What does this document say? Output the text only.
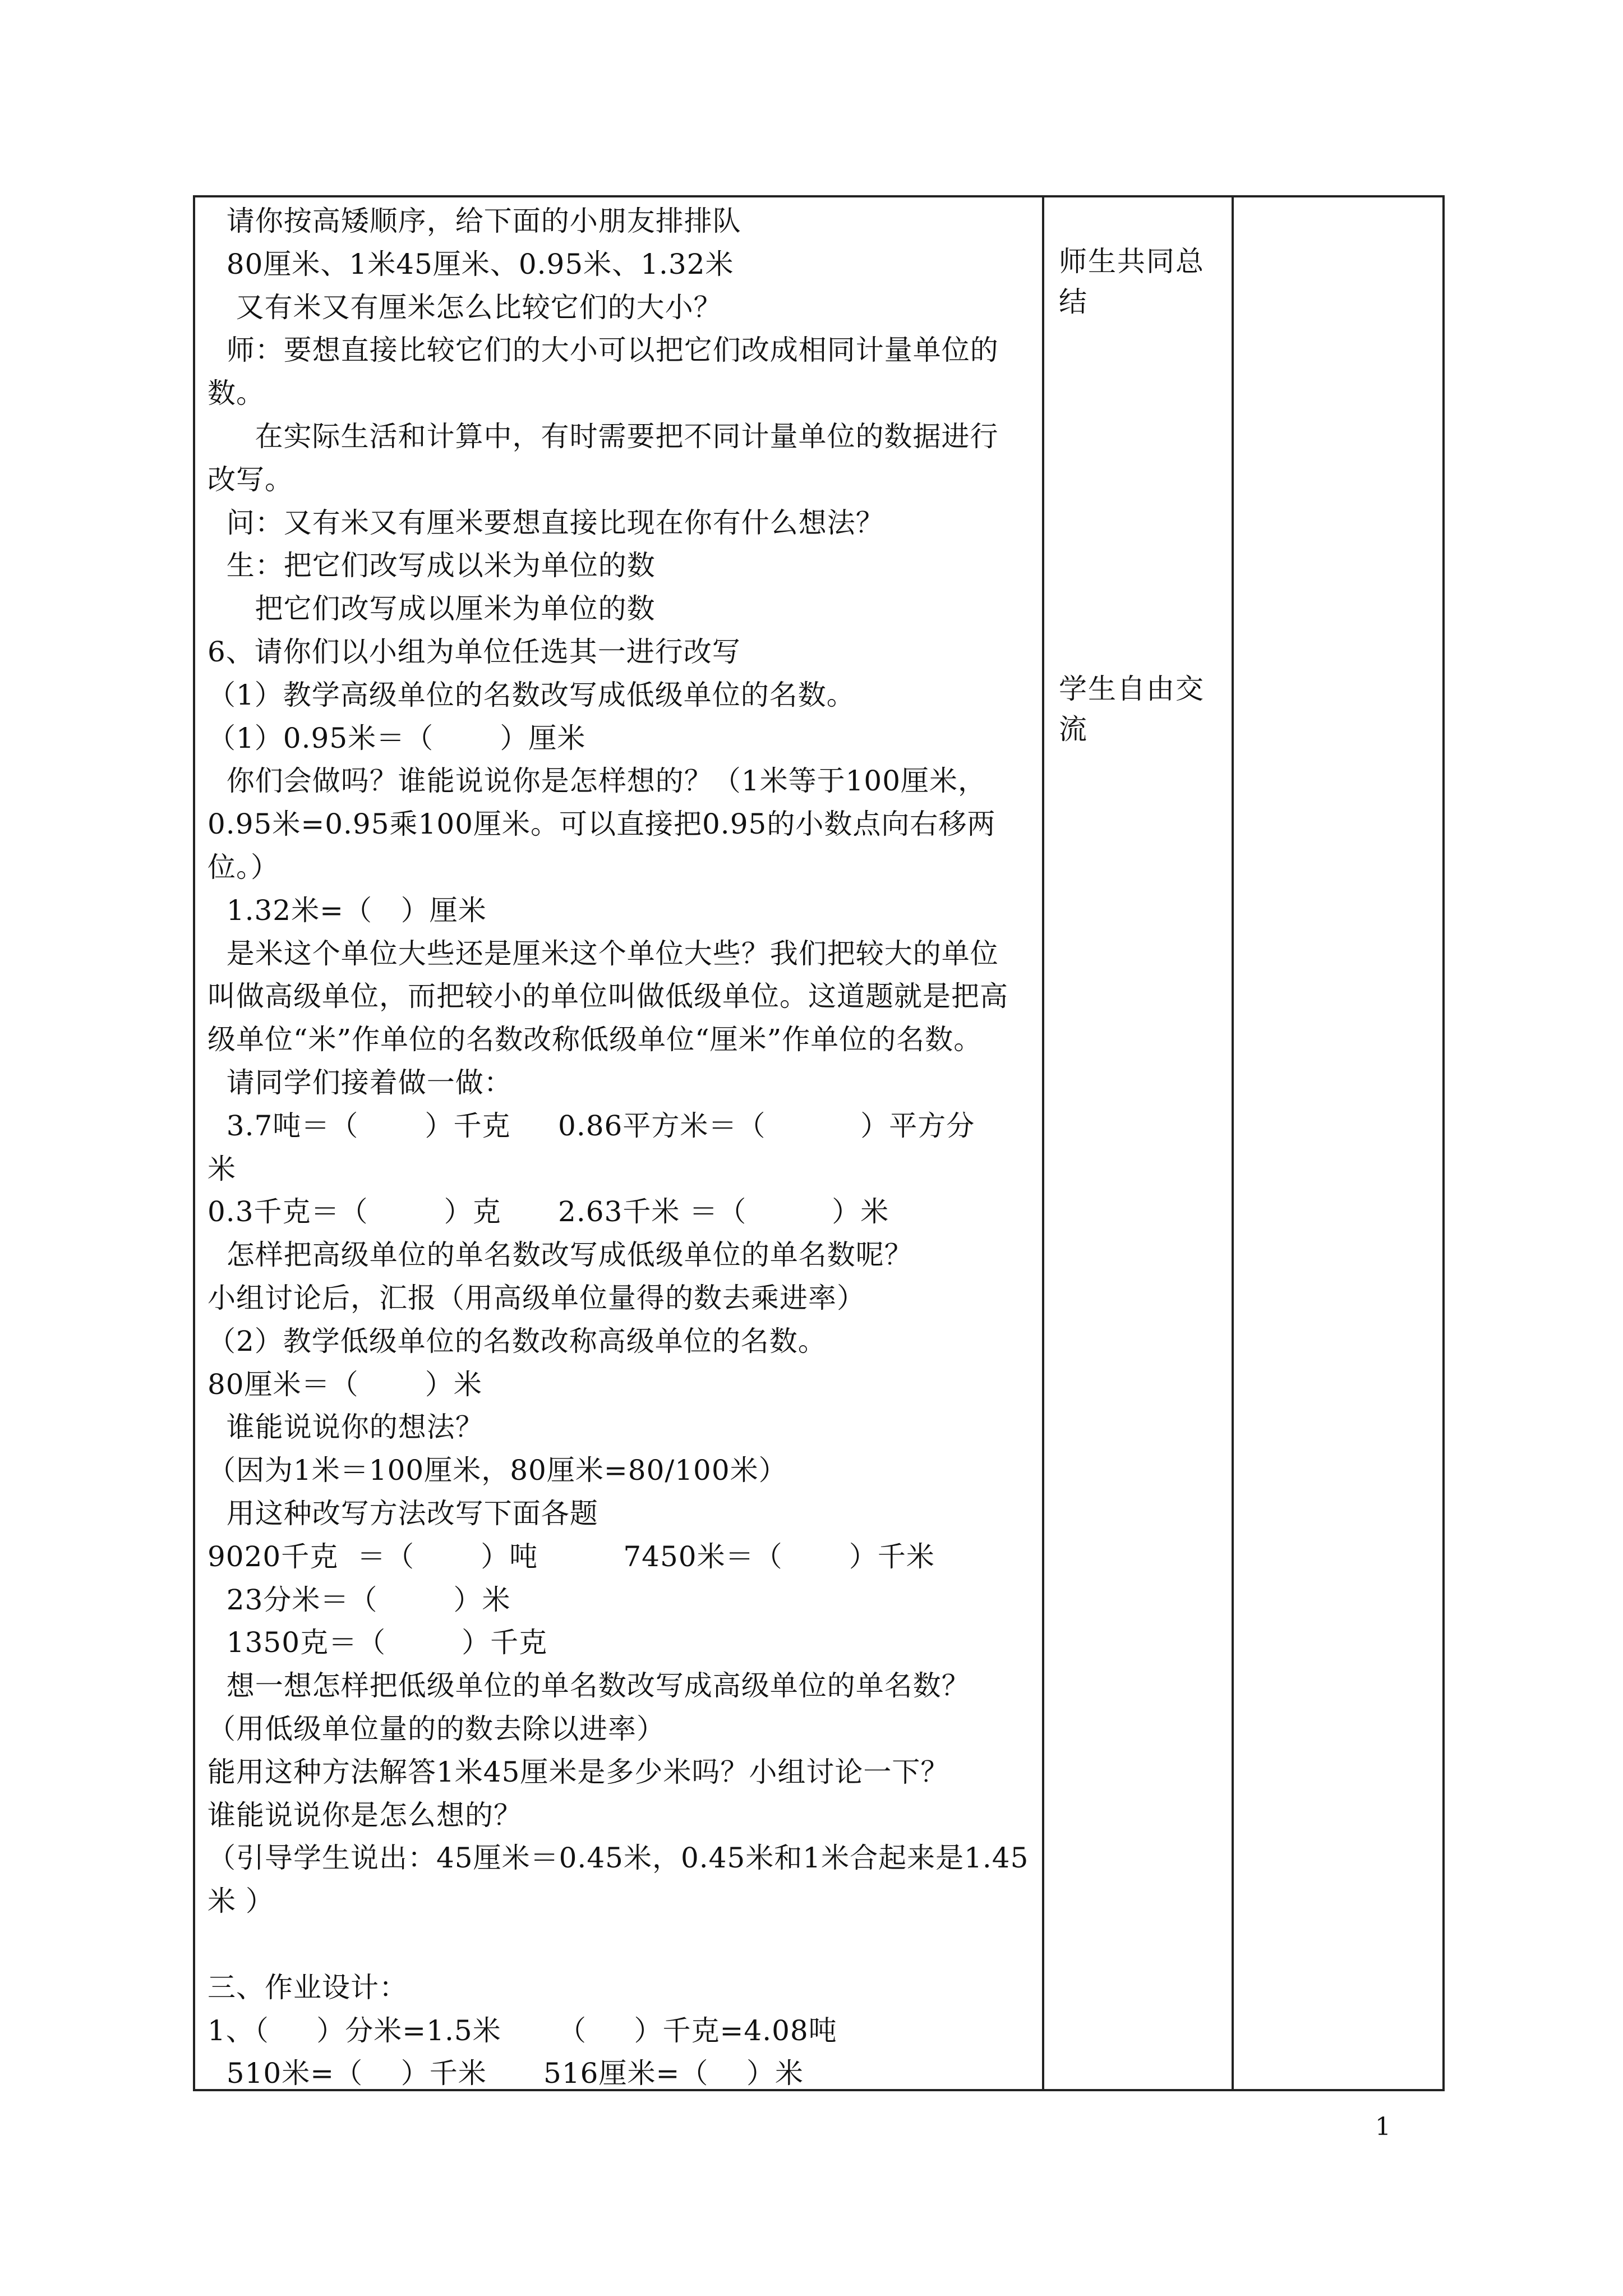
请你按高矮顺序，给下面的小朋友排排队
80厘米、1米45厘米、0.95米、1.32米
又有米又有厘米怎么比较它们的大小？
师：要想直接比较它们的大小可以把它们改成相同计量单位的
数。
在实际生活和计算中，有时需要把不同计量单位的数据进行
改写。
问：又有米又有厘米要想直接比现在你有什么想法？
生：把它们改写成以米为单位的数
把它们改写成以厘米为单位的数
6、请你们以小组为单位任选其一进行改写
（1）教学高级单位的名数改写成低级单位的名数。
（1）0.95米＝（       ）厘米
你们会做吗？谁能说说你是怎样想的？（1米等于100厘米，
0.95米=0.95乘100厘米。可以直接把0.95的小数点向右移两
位。）
1.32米=（   ）厘米
是米这个单位大些还是厘米这个单位大些？我们把较大的单位
叫做高级单位，而把较小的单位叫做低级单位。这道题就是把高
级单位“米”作单位的名数改称低级单位“厘米”作单位的名数。
请同学们接着做一做：
3.7吨＝（       ）千克     0.86平方米＝（          ）平方分
米
0.3千克＝（        ）克      2.63千米 ＝（         ）米
怎样把高级单位的单名数改写成低级单位的单名数呢？
小组讨论后，汇报（用高级单位量得的数去乘进率）
（2）教学低级单位的名数改称高级单位的名数。
80厘米＝（       ）米
谁能说说你的想法？
（因为1米＝100厘米，80厘米=80/100米）
用这种改写方法改写下面各题
9020千克  ＝（       ）吨         7450米＝（       ）千米
23分米＝（        ）米
1350克＝（        ）千克
想一想怎样把低级单位的单名数改写成高级单位的单名数？
（用低级单位量的的数去除以进率）
能用这种方法解答1米45厘米是多少米吗？小组讨论一下？
谁能说说你是怎么想的？
（引导学生说出：45厘米＝0.45米，0.45米和1米合起来是1.45
米 ）
三、作业设计：
1、（     ）分米=1.5米      （     ）千克=4.08吨
510米=（    ）千米      516厘米=（    ）米
师生共同总
结
学生自由交
流
1
